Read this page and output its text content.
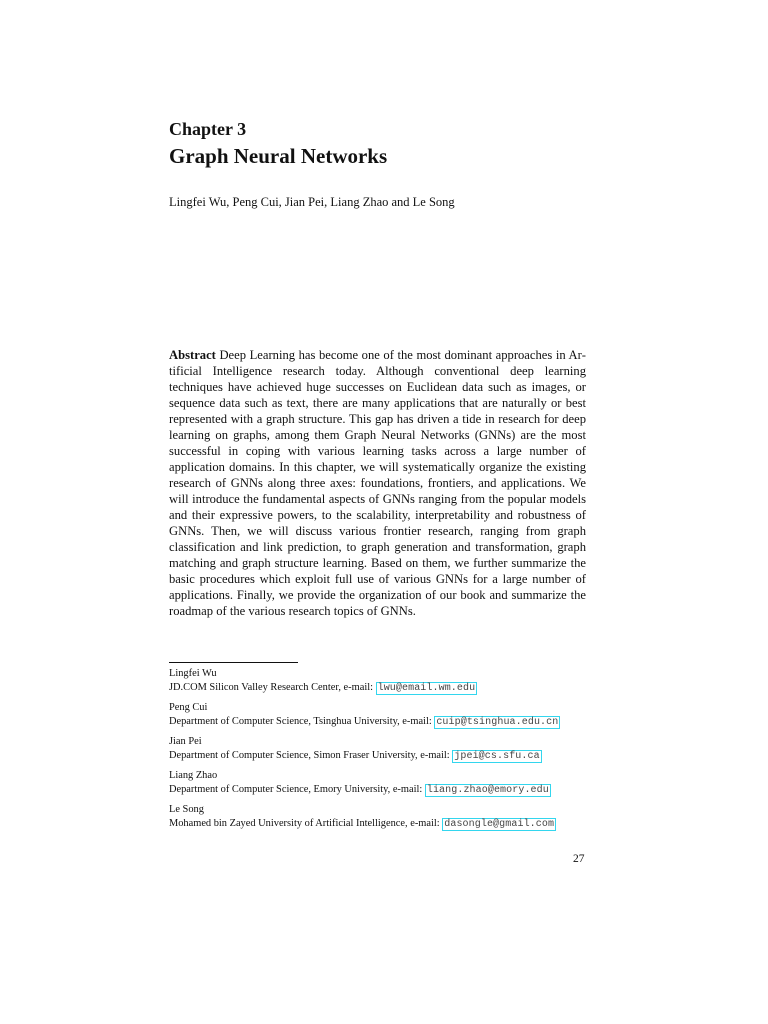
Chapter 3
Graph Neural Networks
Lingfei Wu, Peng Cui, Jian Pei, Liang Zhao and Le Song
Abstract Deep Learning has become one of the most dominant approaches in Artificial Intelligence research today. Although conventional deep learning techniques have achieved huge successes on Euclidean data such as images, or sequence data such as text, there are many applications that are naturally or best represented with a graph structure. This gap has driven a tide in research for deep learning on graphs, among them Graph Neural Networks (GNNs) are the most successful in coping with various learning tasks across a large number of application domains. In this chapter, we will systematically organize the existing research of GNNs along three axes: foundations, frontiers, and applications. We will introduce the fundamental aspects of GNNs ranging from the popular models and their expressive powers, to the scalability, interpretability and robustness of GNNs. Then, we will discuss various frontier research, ranging from graph classification and link prediction, to graph generation and transformation, graph matching and graph structure learning. Based on them, we further summarize the basic procedures which exploit full use of various GNNs for a large number of applications. Finally, we provide the organization of our book and summarize the roadmap of the various research topics of GNNs.
Lingfei Wu
JD.COM Silicon Valley Research Center, e-mail: lwu@email.wm.edu
Peng Cui
Department of Computer Science, Tsinghua University, e-mail: cuip@tsinghua.edu.cn
Jian Pei
Department of Computer Science, Simon Fraser University, e-mail: jpei@cs.sfu.ca
Liang Zhao
Department of Computer Science, Emory University, e-mail: liang.zhao@emory.edu
Le Song
Mohamed bin Zayed University of Artificial Intelligence, e-mail: dasongle@gmail.com
27
